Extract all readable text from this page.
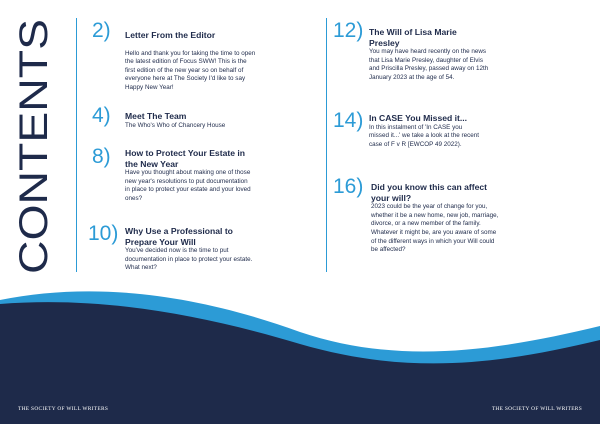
CONTENTS
2) Letter From the Editor
Hello and thank you for taking the time to open the latest edition of Focus SWW! This is the first edition of the new year so on behalf of everyone here at The Society I'd like to say Happy New Year!
4) Meet The Team
The Who's Who of Chancery House
8) How to Protect Your Estate in the New Year
Have you thought about making one of those new year's resolutions to put documentation in place to protect your estate and your loved ones?
10) Why Use a Professional to Prepare Your Will
You've decided now is the time to put documentation in place to protect your estate. What next?
12) The Will of Lisa Marie Presley
You may have heard recently on the news that Lisa Marie Presley, daughter of Elvis and Priscilla Presley, passed away on 12th January 2023 at the age of 54.
14) In CASE You Missed it...
In this instalment of 'In CASE you missed it...' we take a look at the recent case of F v R [EWCOP 49 2022).
16) Did you know this can affect your will?
2023 could be the year of change for you, whether it be a new home, new job, marriage, divorce, or a new member of the family. Whatever it might be, are you aware of some of the different ways in which your Will could be affected?
THE SOCIETY OF WILL WRITERS	THE SOCIETY OF WILL WRITERS
